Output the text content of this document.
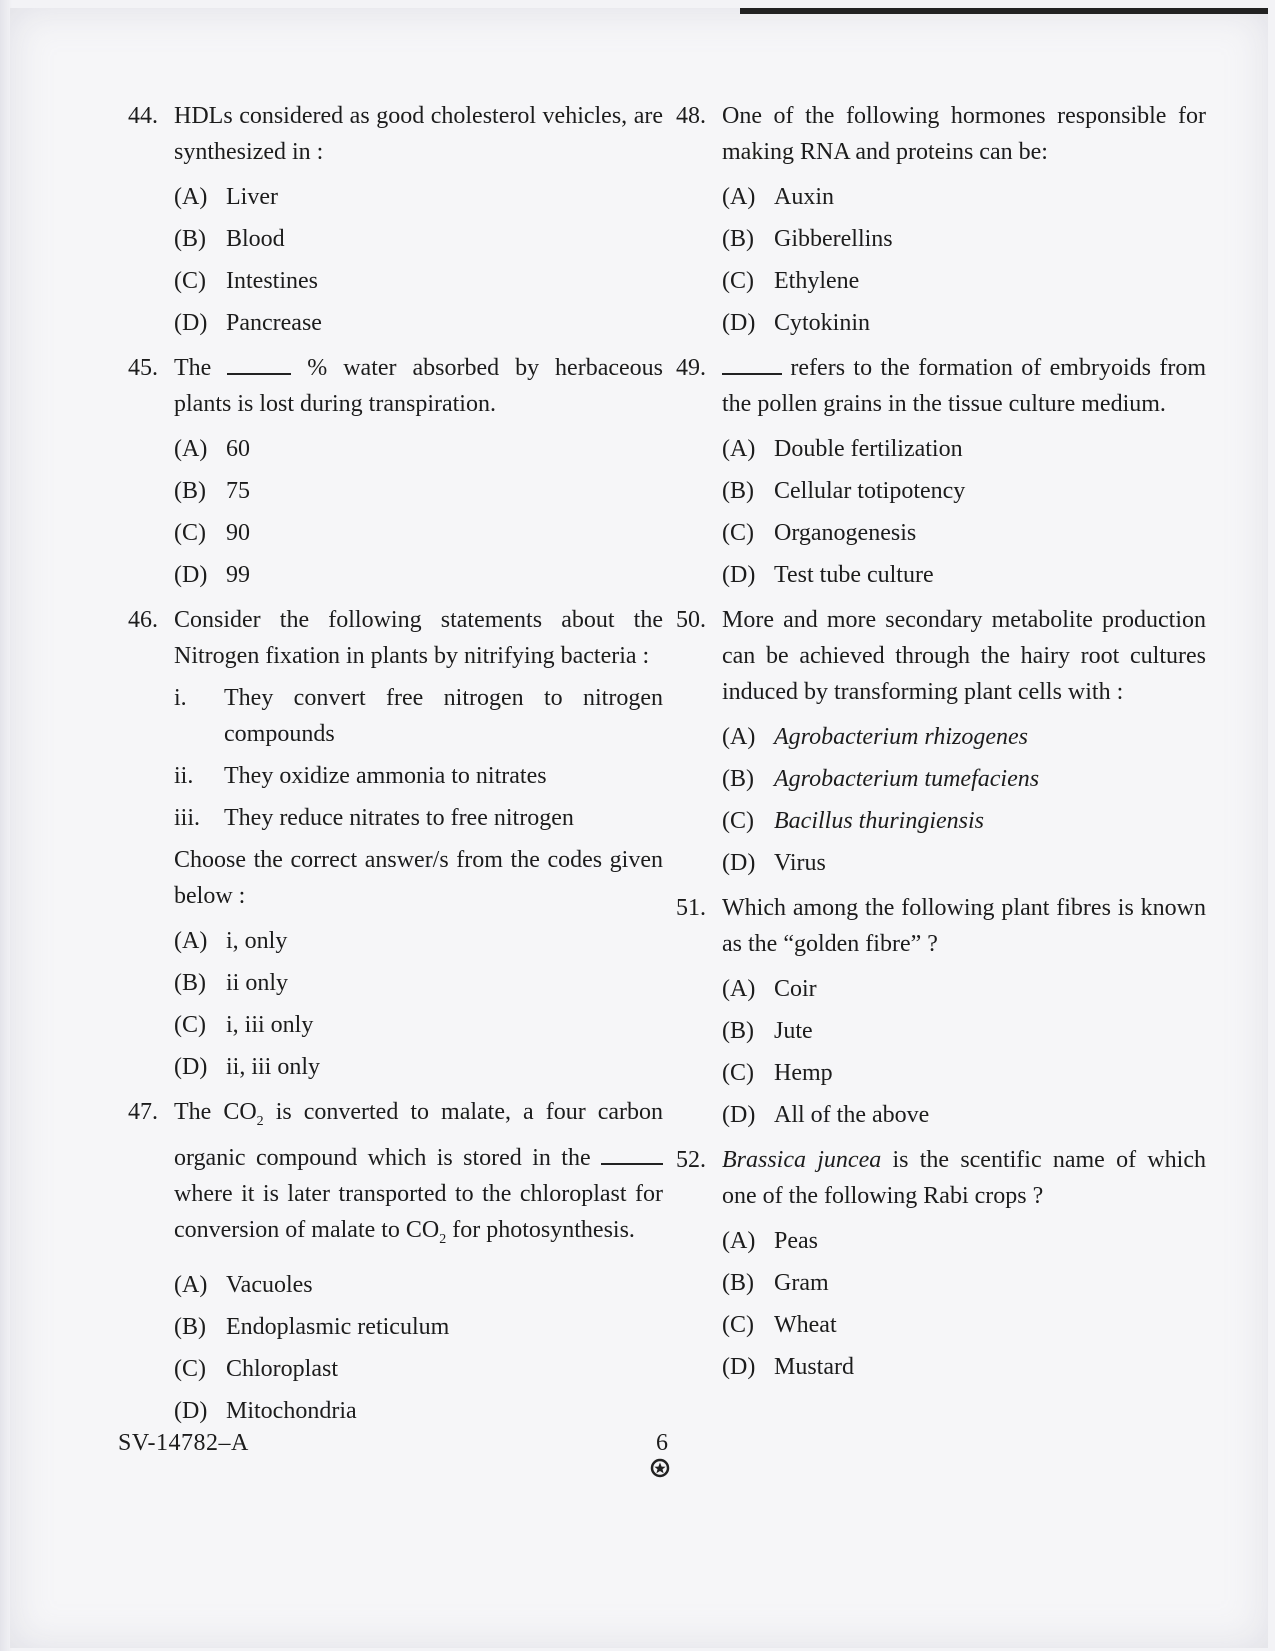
44. HDLs considered as good cholesterol vehicles, are synthesized in :
(A) Liver
(B) Blood
(C) Intestines
(D) Pancrease
45. The	% water absorbed by herbaceous plants is lost during transpiration.
(A) 60
(B) 75
(C) 90
(D) 99
46. Consider the following statements about the Nitrogen fixation in plants by nitrifying bacteria :
i.	They convert free nitrogen to nitrogen compounds
ii.	They oxidize ammonia to nitrates
iii. They reduce nitrates to free nitrogen
Choose the correct answer/s from the codes given below :
(A) i, only
(B) ii only
(C) i, iii only
(D) ii, iii only
47. The $CO_2$ is converted to malate, a four carbon organic compound which is stored in the  where it is later transported to the chloroplast for conversion of malate to $CO_2$ for photosynthesis.
(A) Vacuoles
(B) Endoplasmic reticulum
(C) Chloroplast
(D) Mitochondria
48. One of the following hormones responsible for making RNA and proteins can be:
(A) Auxin
(B) Gibberellins
(C) Ethylene
(D) Cytokinin
49.	refers to the formation of embryoids from the pollen grains in the tissue culture medium.
(A) Double fertilization
(B) Cellular totipotency
(C) Organogenesis
(D) Test tube culture
50. More and more secondary metabolite production can be achieved through the hairy root cultures induced by transforming plant cells with :
(A) Agrobacterium rhizogenes
(B) Agrobacterium tumefaciens
(C) Bacillus thuringiensis
(D) Virus
51. Which among the following plant fibres is known as the “golden fibre” ?
(A) Coir
(B) Jute
(C) Hemp
(D) All of the above
52. Brassica juncea is the scentific name of which one of the following Rabi crops ?
(A) Peas
(B) Gram
(C) Wheat
(D) Mustard
SV-14782–A	6
